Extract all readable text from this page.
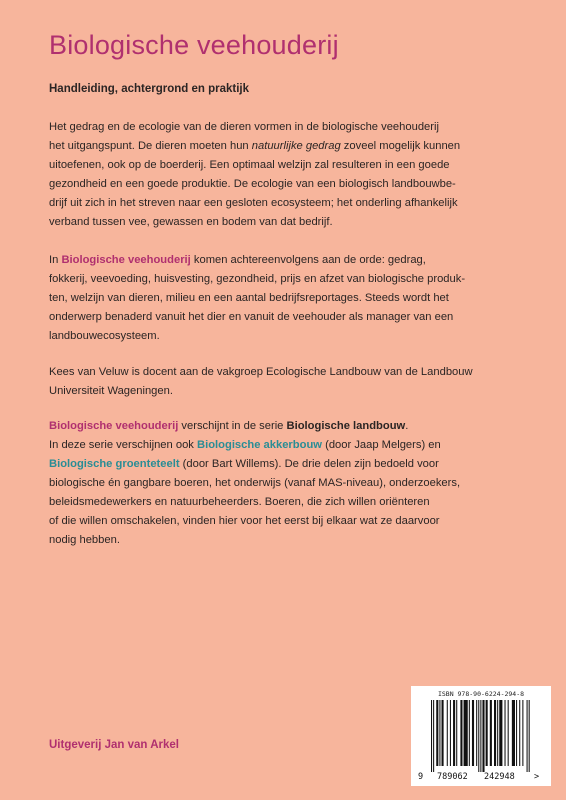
Biologische veehouderij
Handleiding, achtergrond en praktijk
Het gedrag en de ecologie van de dieren vormen in de biologische veehouderij
het uitgangspunt. De dieren moeten hun natuurlijke gedrag zoveel mogelijk kunnen
uitoefenen, ook op de boerderij. Een optimaal welzijn zal resulteren in een goede
gezondheid en een goede produktie. De ecologie van een biologisch landbouwbe-
drijf uit zich in het streven naar een gesloten ecosysteem; het onderling afhankelijk
verband tussen vee, gewassen en bodem van dat bedrijf.
In Biologische veehouderij komen achtereenvolgens aan de orde: gedrag,
fokkerij, veevoeding, huisvesting, gezondheid, prijs en afzet van biologische produk-
ten, welzijn van dieren, milieu en een aantal bedrijfsreportages. Steeds wordt het
onderwerp benaderd vanuit het dier en vanuit de veehouder als manager van een
landbouwecosysteem.
Kees van Veluw is docent aan de vakgroep Ecologische Landbouw van de Landbouw
Universiteit Wageningen.
Biologische veehouderij verschijnt in de serie Biologische landbouw.
In deze serie verschijnen ook Biologische akkerbouw (door Jaap Melgers) en
Biologische groenteteelt (door Bart Willems). De drie delen zijn bedoeld voor
biologische én gangbare boeren, het onderwijs (vanaf MAS-niveau), onderzoekers,
beleidsmedewerkers en natuurbeheerders. Boeren, die zich willen oriënteren
of die willen omschakelen, vinden hier voor het eerst bij elkaar wat ze daarvoor
nodig hebben.
Uitgeverij Jan van Arkel
ISBN 978-90-6224-294-8
9 789062 242948 >
